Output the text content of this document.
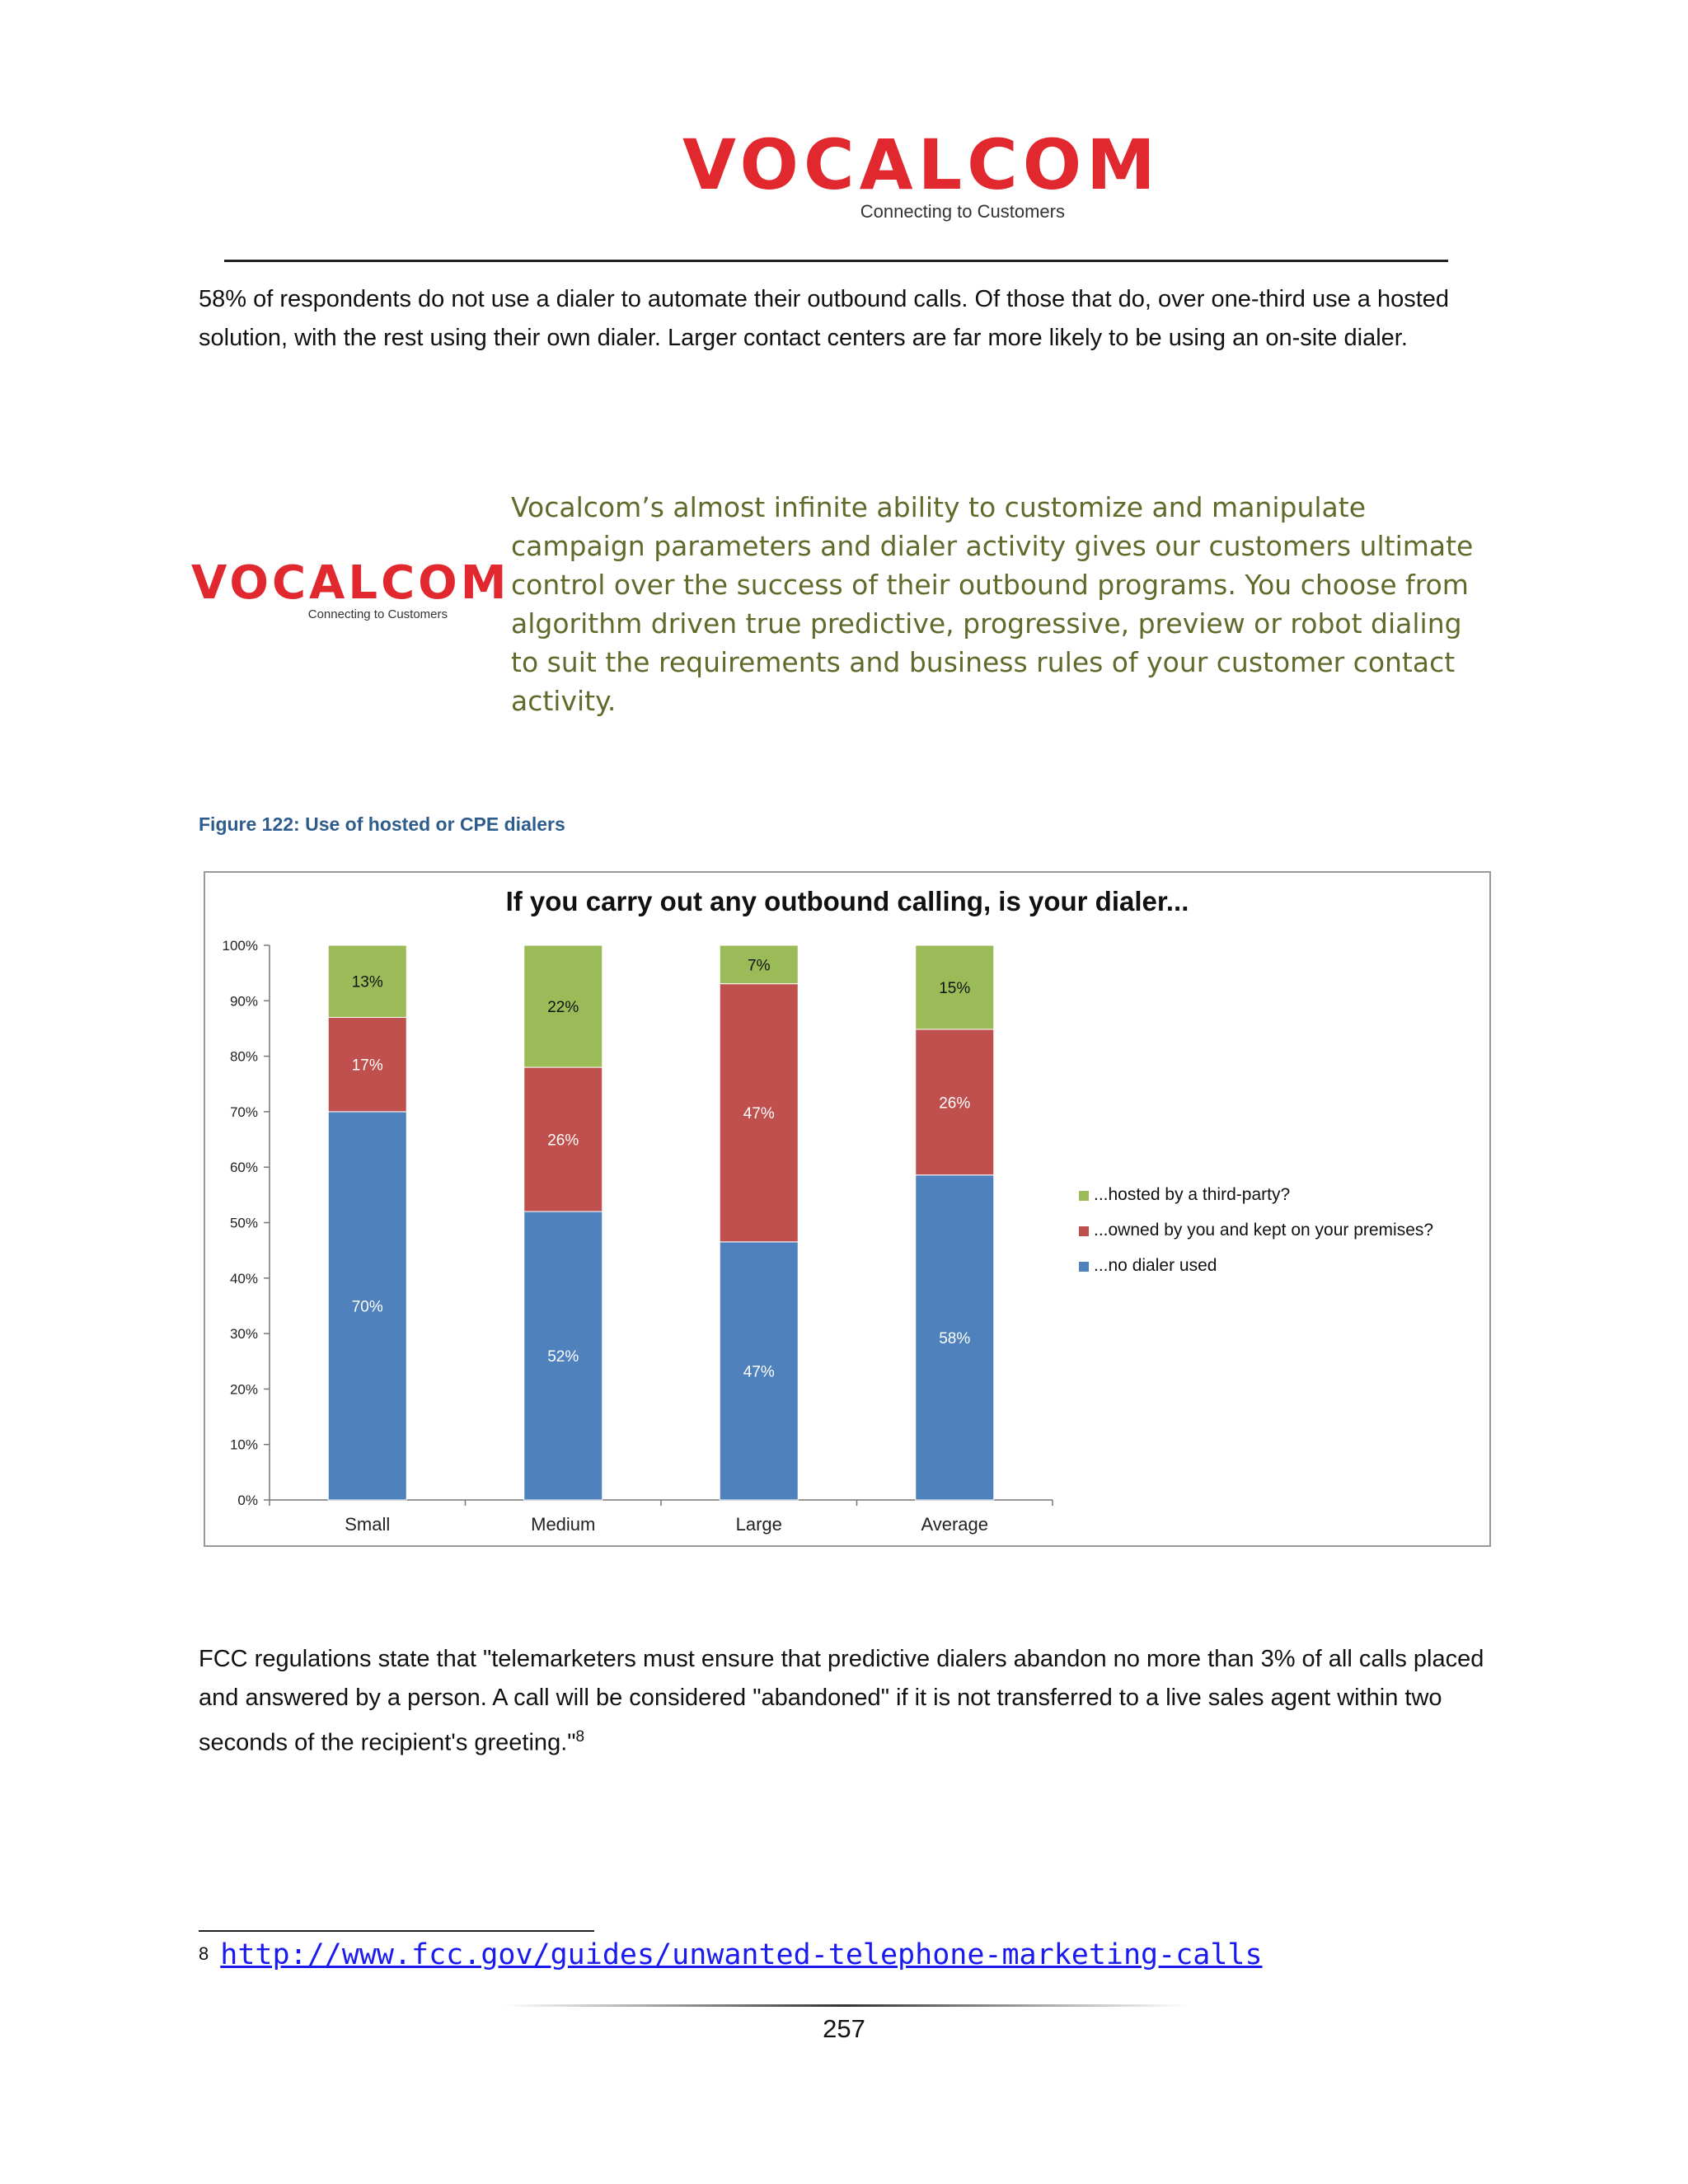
VOCALCOM
Connecting to Customers
58% of respondents do not use a dialer to automate their outbound calls. Of those that do, over one-third use a hosted solution, with the rest using their own dialer. Larger contact centers are far more likely to be using an on-site dialer.
VOCALCOM
Connecting to Customers
Vocalcom’s almost infinite ability to customize and manipulate campaign parameters and dialer activity gives our customers ultimate control over the success of their outbound programs. You choose from algorithm driven true predictive, progressive, preview or robot dialing to suit the requirements and business rules of your customer contact activity.
Figure 122: Use of hosted or CPE dialers
If you carry out any outbound calling, is your dialer...
0%
10%
20%
30%
40%
50%
60%
70%
80%
90%
100%
Small	Medium	Large	Average
70%
17%
13%
52%
26%
22%
47%
47%
7%
58%
26%
15%
...hosted by a third-party?
...owned by you and kept on your premises?
...no dialer used
FCC regulations state that "telemarketers must ensure that predictive dialers abandon no more than 3% of all calls placed and answered by a person. A call will be considered "abandoned" if it is not transferred to a live sales agent within two seconds of the recipient's greeting."$^8$
$^8$ http://www.fcc.gov/guides/unwanted-telephone-marketing-calls
257
